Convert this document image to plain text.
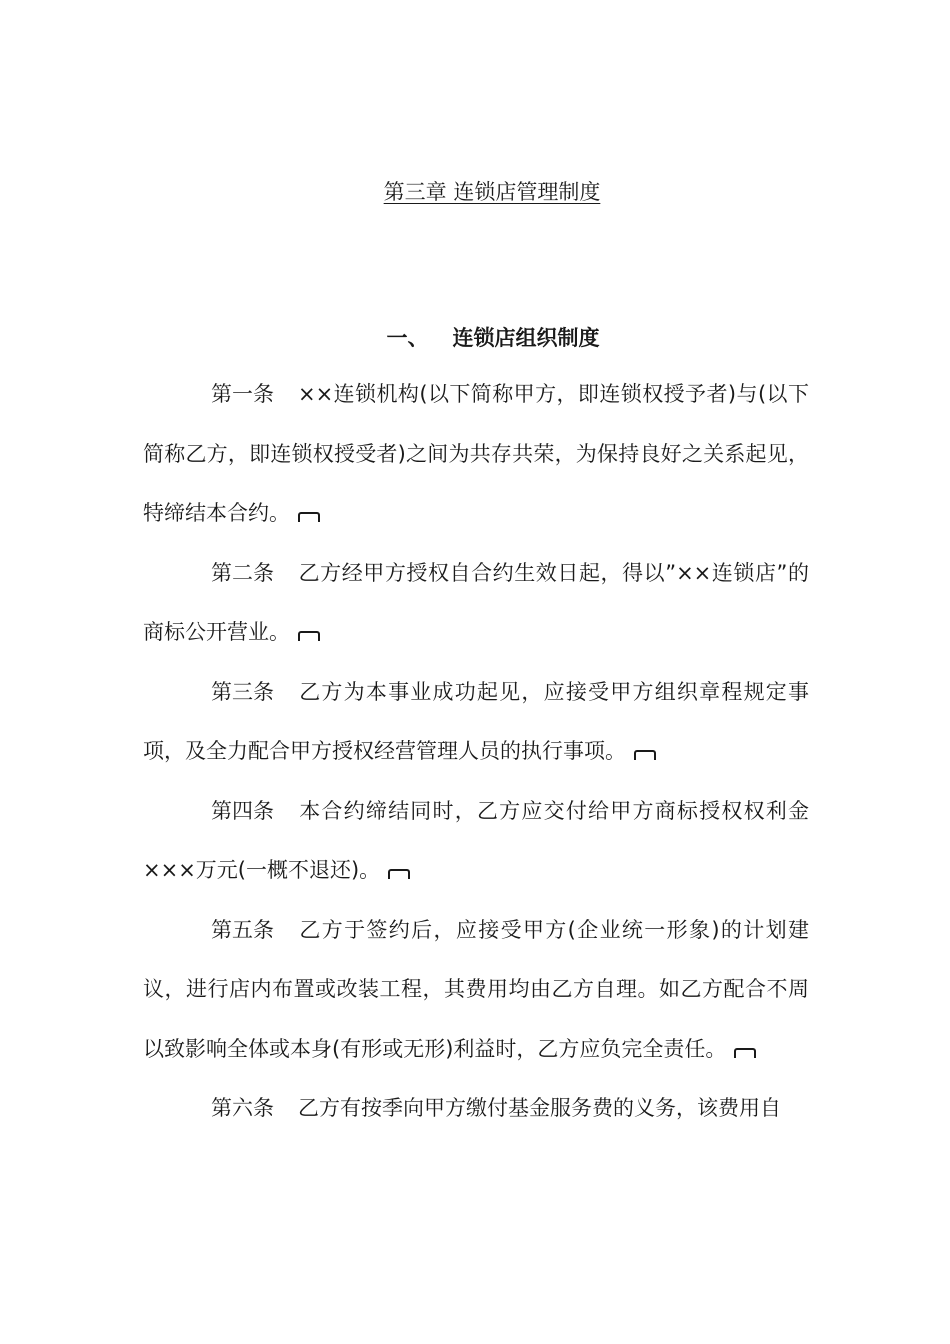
第三章 连锁店管理制度
一、 连锁店组织制度

第一条 ××连锁机构(以下简称甲方，即连锁权授予者)与(以下简称乙方，即连锁权授受者)之间为共存共荣，为保持良好之关系起见，特缔结本合约。

第二条 乙方经甲方授权自合约生效日起，得以”××连锁店”的商标公开营业。

第三条 乙方为本事业成功起见，应接受甲方组织章程规定事项，及全力配合甲方授权经营管理人员的执行事项。

第四条 本合约缔结同时，乙方应交付给甲方商标授权权利金×××万元(一概不退还)。

第五条 乙方于签约后，应接受甲方(企业统一形象)的计划建议，进行店内布置或改装工程，其费用均由乙方自理。如乙方配合不周以致影响全体或本身(有形或无形)利益时，乙方应负完全责任。

第六条 乙方有按季向甲方缴付基金服务费的义务，该费用自
